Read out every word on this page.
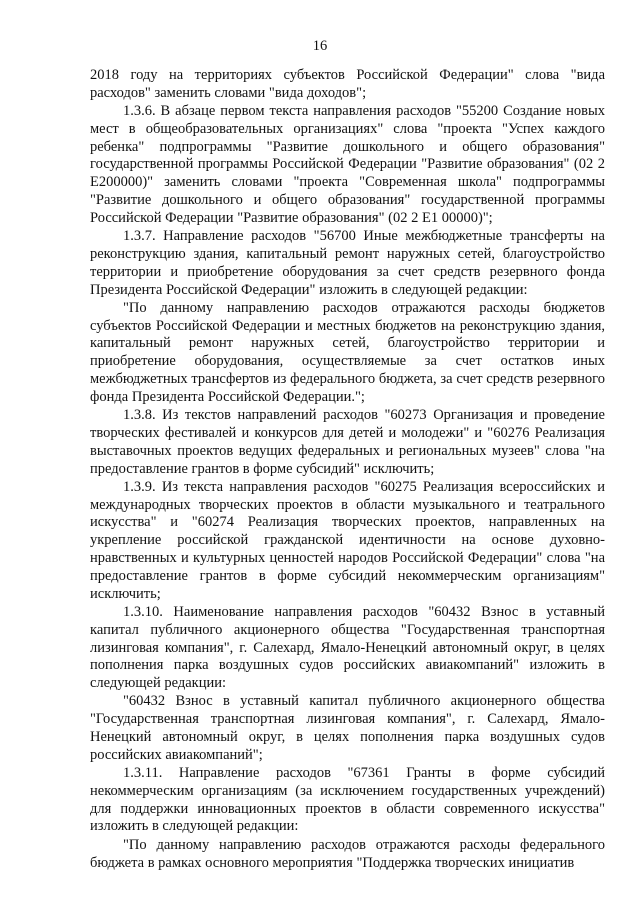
16

2018 году на территориях субъектов Российской Федерации" слова "вида расходов" заменить словами "вида доходов";

1.3.6. В абзаце первом текста направления расходов "55200 Создание новых мест в общеобразовательных организациях" слова "проекта "Успех каждого ребенка" подпрограммы "Развитие дошкольного и общего образования" государственной программы Российской Федерации "Развитие образования" (02 2 Е200000)" заменить словами "проекта "Современная школа" подпрограммы "Развитие дошкольного и общего образования" государственной программы Российской Федерации "Развитие образования" (02 2 Е1 00000)";

1.3.7. Направление расходов "56700 Иные межбюджетные трансферты на реконструкцию здания, капитальный ремонт наружных сетей, благоустройство территории и приобретение оборудования за счет средств резервного фонда Президента Российской Федерации" изложить в следующей редакции:

"По данному направлению расходов отражаются расходы бюджетов субъектов Российской Федерации и местных бюджетов на реконструкцию здания, капитальный ремонт наружных сетей, благоустройство территории и приобретение оборудования, осуществляемые за счет остатков иных межбюджетных трансфертов из федерального бюджета, за счет средств резервного фонда Президента Российской Федерации.";

1.3.8. Из текстов направлений расходов "60273 Организация и проведение творческих фестивалей и конкурсов для детей и молодежи" и "60276 Реализация выставочных проектов ведущих федеральных и региональных музеев" слова "на предоставление грантов в форме субсидий" исключить;

1.3.9. Из текста направления расходов "60275 Реализация всероссийских и международных творческих проектов в области музыкального и театрального искусства" и "60274 Реализация творческих проектов, направленных на укрепление российской гражданской идентичности на основе духовно-нравственных и культурных ценностей народов Российской Федерации" слова "на предоставление грантов в форме субсидий некоммерческим организациям" исключить;

1.3.10. Наименование направления расходов "60432 Взнос в уставный капитал публичного акционерного общества "Государственная транспортная лизинговая компания", г. Салехард, Ямало-Ненецкий автономный округ, в целях пополнения парка воздушных судов российских авиакомпаний" изложить в следующей редакции:

"60432 Взнос в уставный капитал публичного акционерного общества "Государственная транспортная лизинговая компания", г. Салехард, Ямало-Ненецкий автономный округ, в целях пополнения парка воздушных судов российских авиакомпаний";

1.3.11. Направление расходов "67361 Гранты в форме субсидий некоммерческим организациям (за исключением государственных учреждений) для поддержки инновационных проектов в области современного искусства" изложить в следующей редакции:

"По данному направлению расходов отражаются расходы федерального бюджета в рамках основного мероприятия "Поддержка творческих инициатив
